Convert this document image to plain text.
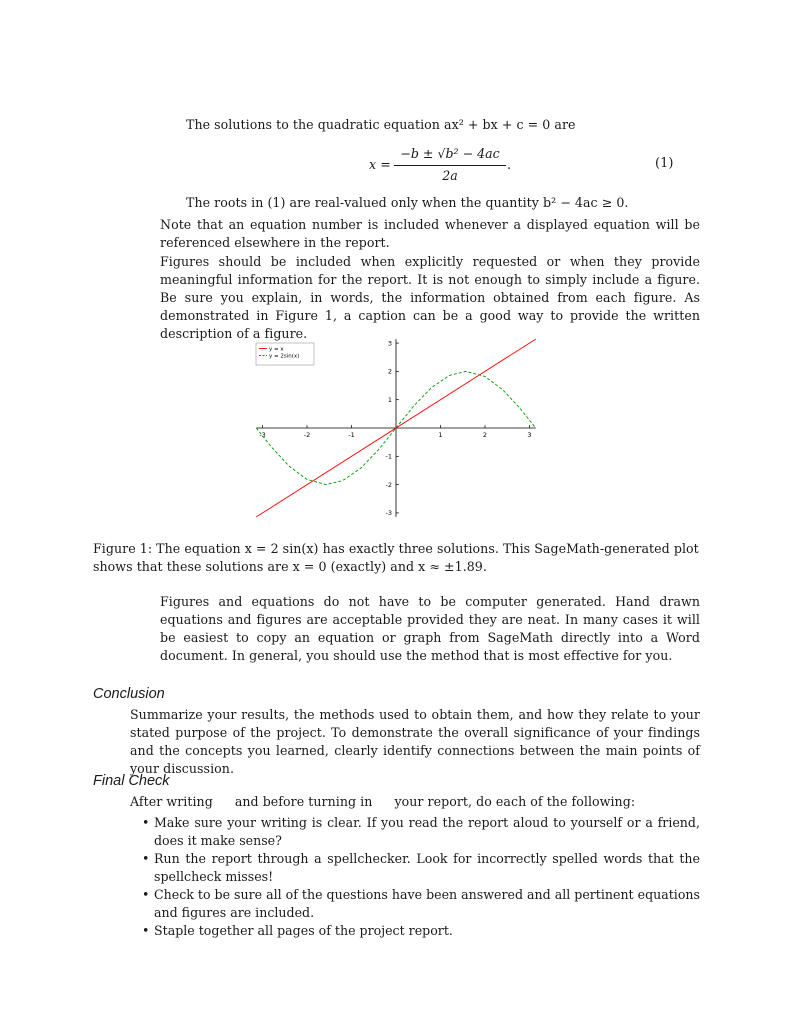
The solutions to the quadratic equation ax² + bx + c = 0 are
x =
−b ± √b² − 4ac
2a
.	(1)
The roots in (1) are real-valued only when the quantity b² − 4ac ≥ 0.
Note that an equation number is included whenever a displayed equation will be referenced elsewhere in the report.
Figures should be included when explicitly requested or when they provide meaningful information for the report. It is not enough to simply include a figure. Be sure you explain, in words, the information obtained from each figure. As demonstrated in Figure 1, a caption can be a good way to provide the written description of a figure.
-3	-2	-1	1	2	3
3
2
1
-1
-2
-3
y = x
y = 2sin(x)
Figure 1: The equation x = 2 sin(x) has exactly three solutions. This SageMath-generated plot
shows that these solutions are x = 0 (exactly) and x ≈ ±1.89.
Figures and equations do not have to be computer generated. Hand drawn equations and figures are acceptable provided they are neat. In many cases it will be easiest to copy an equation or graph from SageMath directly into a Word document. In general, you should use the method that is most effective for you.
Conclusion
Summarize your results, the methods used to obtain them, and how they relate to your stated purpose of the project. To demonstrate the overall significance of your findings and the concepts you learned, clearly identify connections between the main points of your discussion.
Final Check
After writing and before turning in your report, do each of the following:
• Make sure your writing is clear. If you read the report aloud to yourself or a friend, does it make sense?
• Run the report through a spellchecker. Look for incorrectly spelled words that the spellcheck misses!
• Check to be sure all of the questions have been answered and all pertinent equations and figures are included.
• Staple together all pages of the project report.
